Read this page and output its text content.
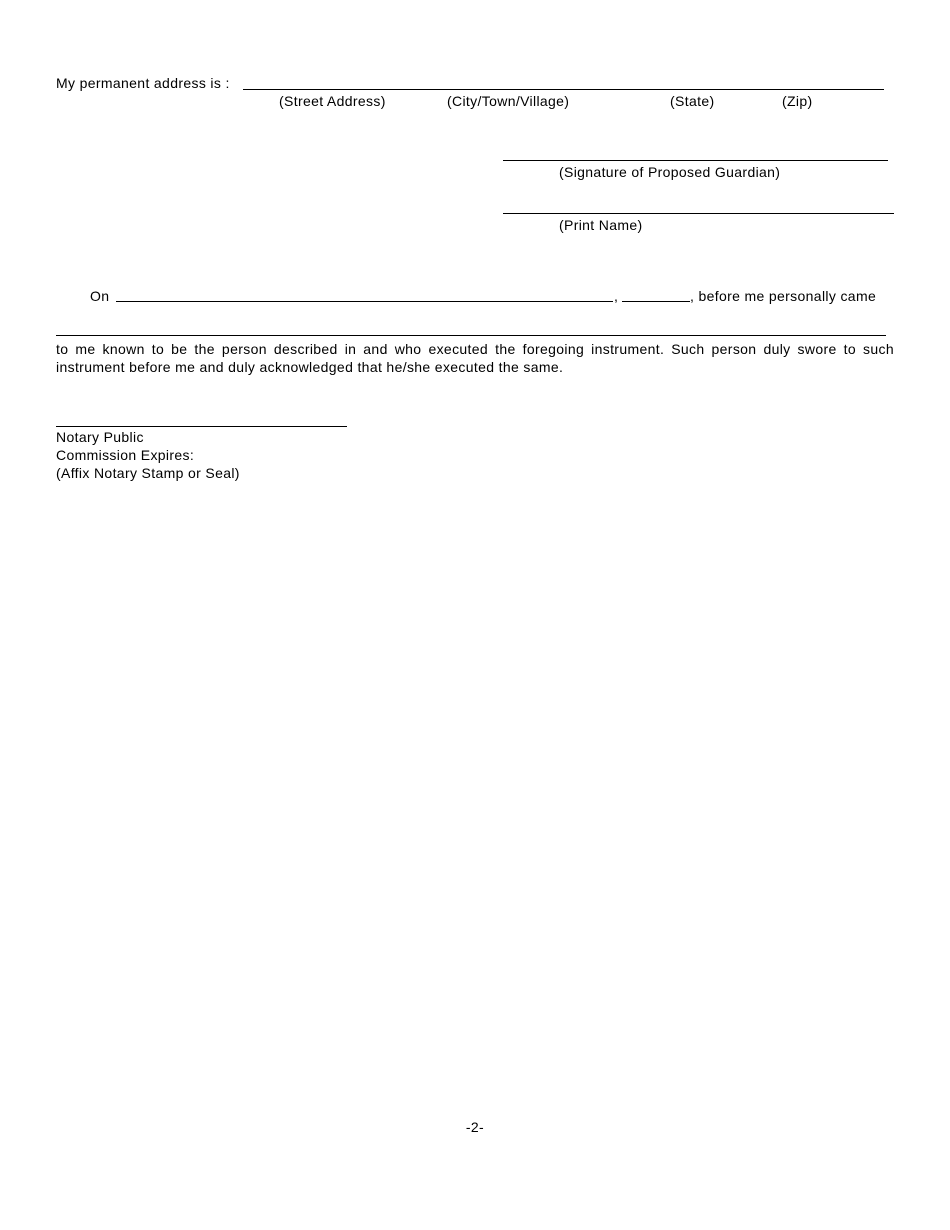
My permanent address is :
(Street Address)	(City/Town/Village)	(State)	(Zip)
(Signature of Proposed Guardian)
(Print Name)
On	,	, before me personally came
to me known to be the person described in and who executed the foregoing instrument. Such person duly swore to such instrument before me and duly acknowledged that he/she executed the same.
Notary Public
Commission Expires:
(Affix Notary Stamp or Seal)
-2-
